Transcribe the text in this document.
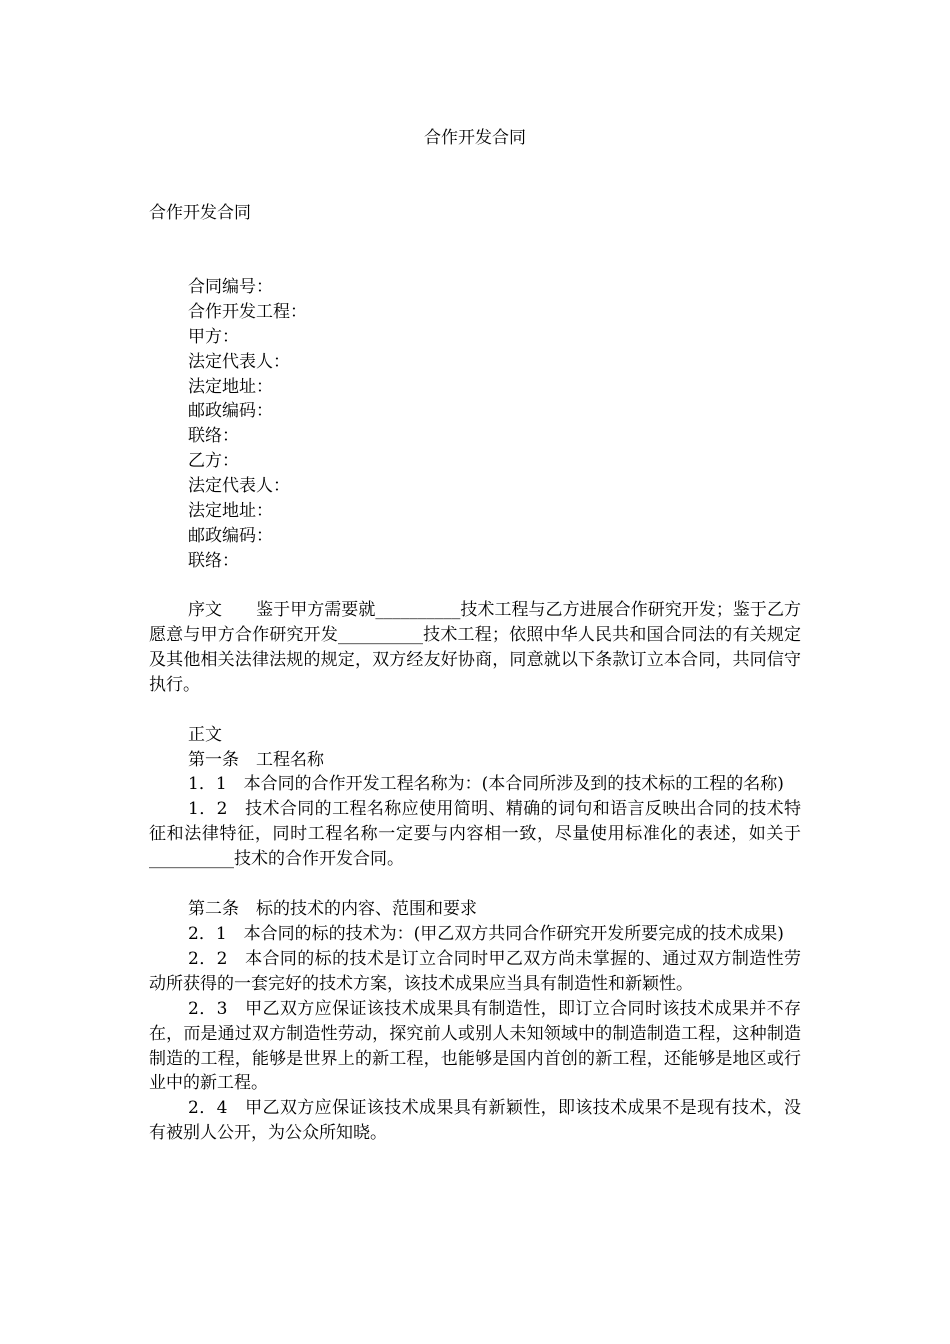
合作开发合同
合作开发合同
合同编号：
合作开发工程：
甲方：
法定代表人：
法定地址：
邮政编码：
联络：
乙方：
法定代表人：
法定地址：
邮政编码：
联络：

序文　　鉴于甲方需要就__________技术工程与乙方进展合作研究开发；鉴于乙方愿意与甲方合作研究开发__________技术工程；依照中华人民共和国合同法的有关规定及其他相关法律法规的规定，双方经友好协商，同意就以下条款订立本合同，共同信守执行。

正文

第一条　工程名称

1．1　本合同的合作开发工程名称为：(本合同所涉及到的技术标的工程的名称)

1．2　技术合同的工程名称应使用简明、精确的词句和语言反映出合同的技术特征和法律特征，同时工程名称一定要与内容相一致，尽量使用标准化的表述，如关于__________技术的合作开发合同。

第二条　标的技术的内容、范围和要求

2．1　本合同的标的技术为：(甲乙双方共同合作研究开发所要完成的技术成果)

2．2　本合同的标的技术是订立合同时甲乙双方尚未掌握的、通过双方制造性劳动所获得的一套完好的技术方案，该技术成果应当具有制造性和新颖性。

2．3　甲乙双方应保证该技术成果具有制造性，即订立合同时该技术成果并不存在，而是通过双方制造性劳动，探究前人或别人未知领域中的制造制造工程，这种制造制造的工程，能够是世界上的新工程，也能够是国内首创的新工程，还能够是地区或行业中的新工程。

2．4　甲乙双方应保证该技术成果具有新颖性，即该技术成果不是现有技术，没有被别人公开，为公众所知晓。
